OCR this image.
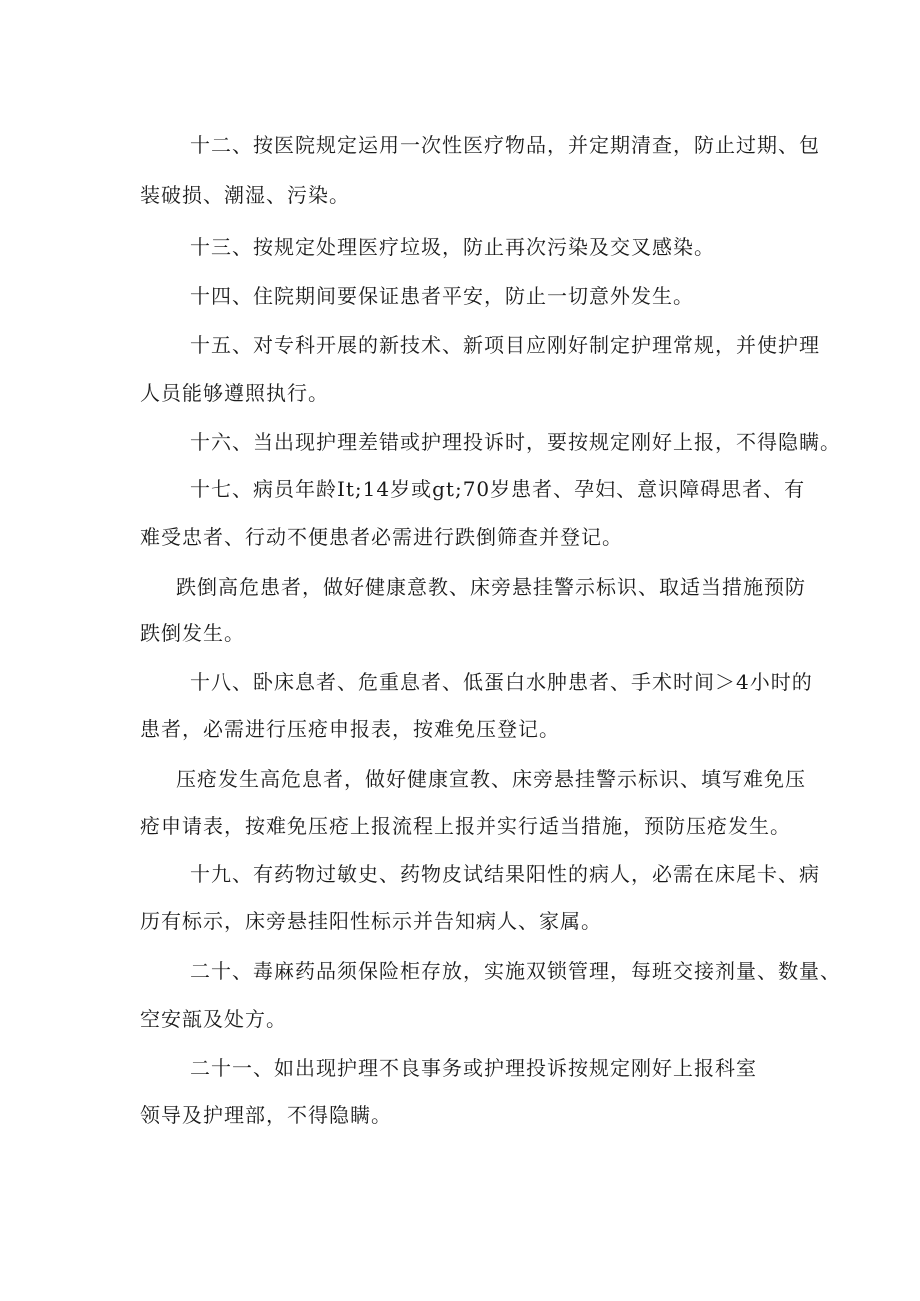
十二、按医院规定运用一次性医疗物品，并定期清查，防止过期、包
装破损、潮湿、污染。
十三、按规定处理医疗垃圾，防止再次污染及交叉感染。
十四、住院期间要保证患者平安，防止一切意外发生。
十五、对专科开展的新技术、新项目应刚好制定护理常规，并使护理
人员能够遵照执行。
十六、当出现护理差错或护理投诉时，要按规定刚好上报，不得隐瞒。
十七、病员年龄It;14岁或gt;70岁患者、孕妇、意识障碍思者、有
难受忠者、行动不便患者必需进行跌倒筛查并登记。
跌倒高危患者，做好健康意教、床旁悬挂警示标识、取适当措施预防
跌倒发生。
十八、卧床息者、危重息者、低蛋白水肿患者、手术时间＞4小时的
患者，必需进行压疮申报表，按难免压登记。
压疮发生高危息者，做好健康宣教、床旁悬挂警示标识、填写难免压
疮申请表，按难免压疮上报流程上报并实行适当措施，预防压疮发生。
十九、有药物过敏史、药物皮试结果阳性的病人，必需在床尾卡、病
历有标示，床旁悬挂阳性标示并告知病人、家属。
二十、毒麻药品须保险柜存放，实施双锁管理，每班交接剂量、数量、
空安瓿及处方。
二十一、如出现护理不良事务或护理投诉按规定刚好上报科室
领导及护理部，不得隐瞒。
